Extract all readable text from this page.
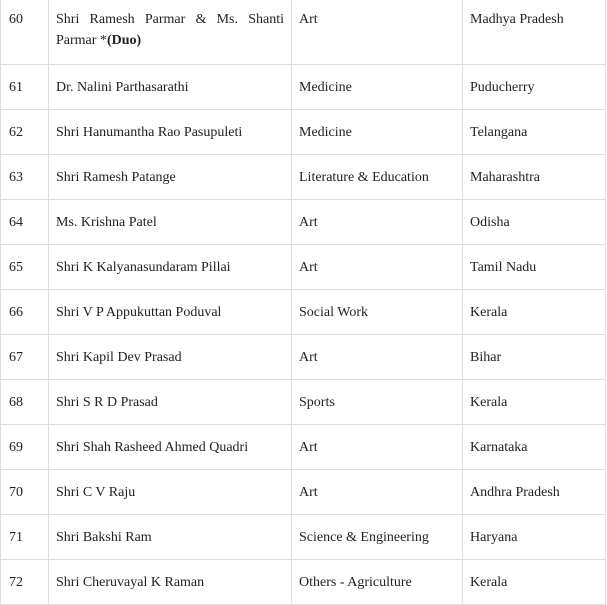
60	Shri Ramesh Parmar & Ms. Shanti Parmar *(Duo)	Art	Madhya Pradesh
61	Dr. Nalini Parthasarathi	Medicine	Puducherry
62	Shri Hanumantha Rao Pasupuleti	Medicine	Telangana
63	Shri Ramesh Patange	Literature & Education	Maharashtra
64	Ms. Krishna Patel	Art	Odisha
65	Shri K Kalyanasundaram Pillai	Art	Tamil Nadu
66	Shri V P Appukuttan Poduval	Social Work	Kerala
67	Shri Kapil Dev Prasad	Art	Bihar
68	Shri S R D Prasad	Sports	Kerala
69	Shri Shah Rasheed Ahmed Quadri	Art	Karnataka
70	Shri C V Raju	Art	Andhra Pradesh
71	Shri Bakshi Ram	Science & Engineering	Haryana
72	Shri Cheruvayal K Raman	Others - Agriculture	Kerala
